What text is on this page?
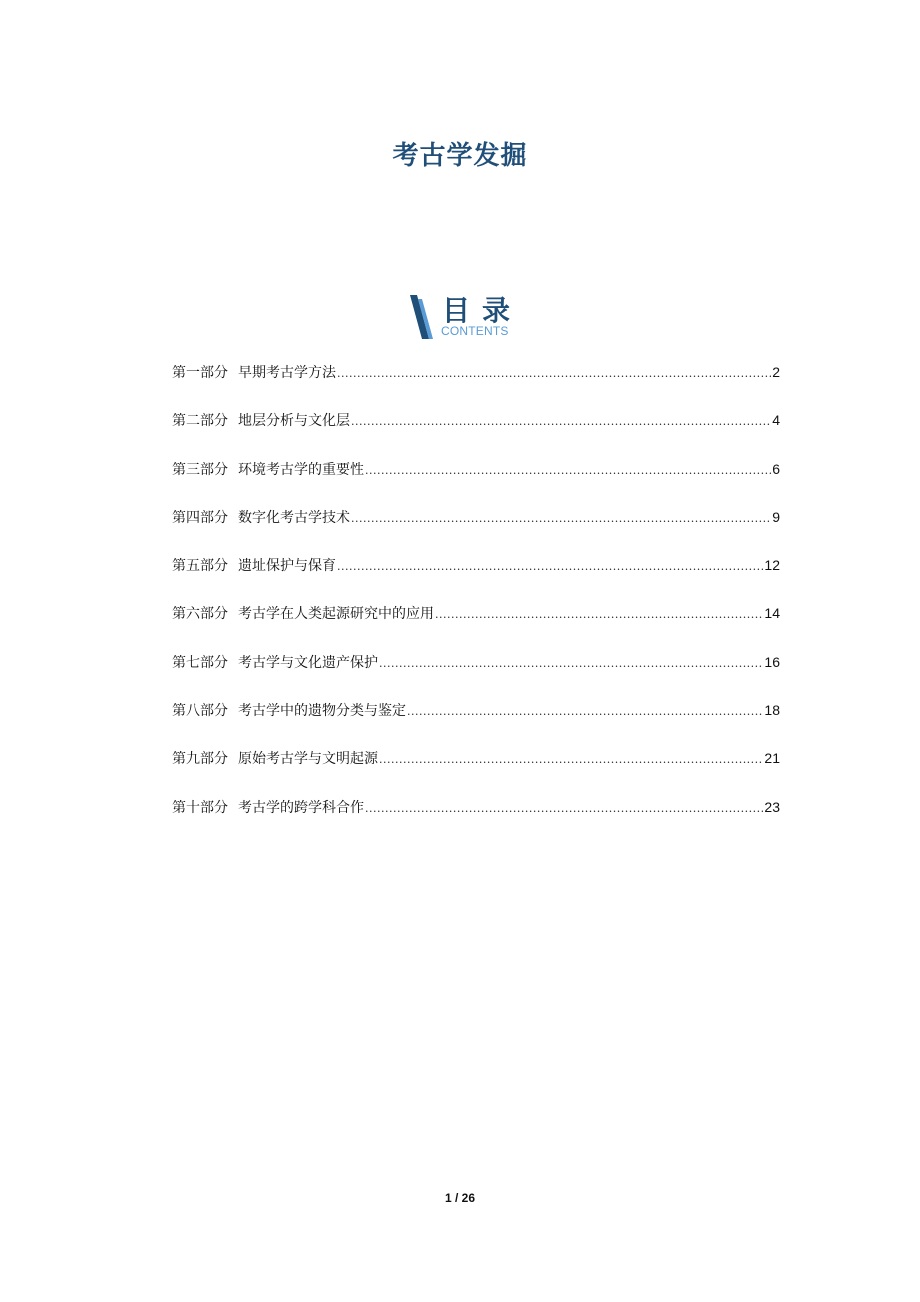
考古学发掘
目录
CONTENTS
第一部分 早期考古学方法 .....	2
第二部分 地层分析与文化层 .....	4
第三部分 环境考古学的重要性 .....	6
第四部分 数字化考古学技术 .....	9
第五部分 遗址保护与保育 .....	12
第六部分 考古学在人类起源研究中的应用 .....	14
第七部分 考古学与文化遗产保护 .....	16
第八部分 考古学中的遗物分类与鉴定 .....	18
第九部分 原始考古学与文明起源 .....	21
第十部分 考古学的跨学科合作 .....	23
1 / 26
